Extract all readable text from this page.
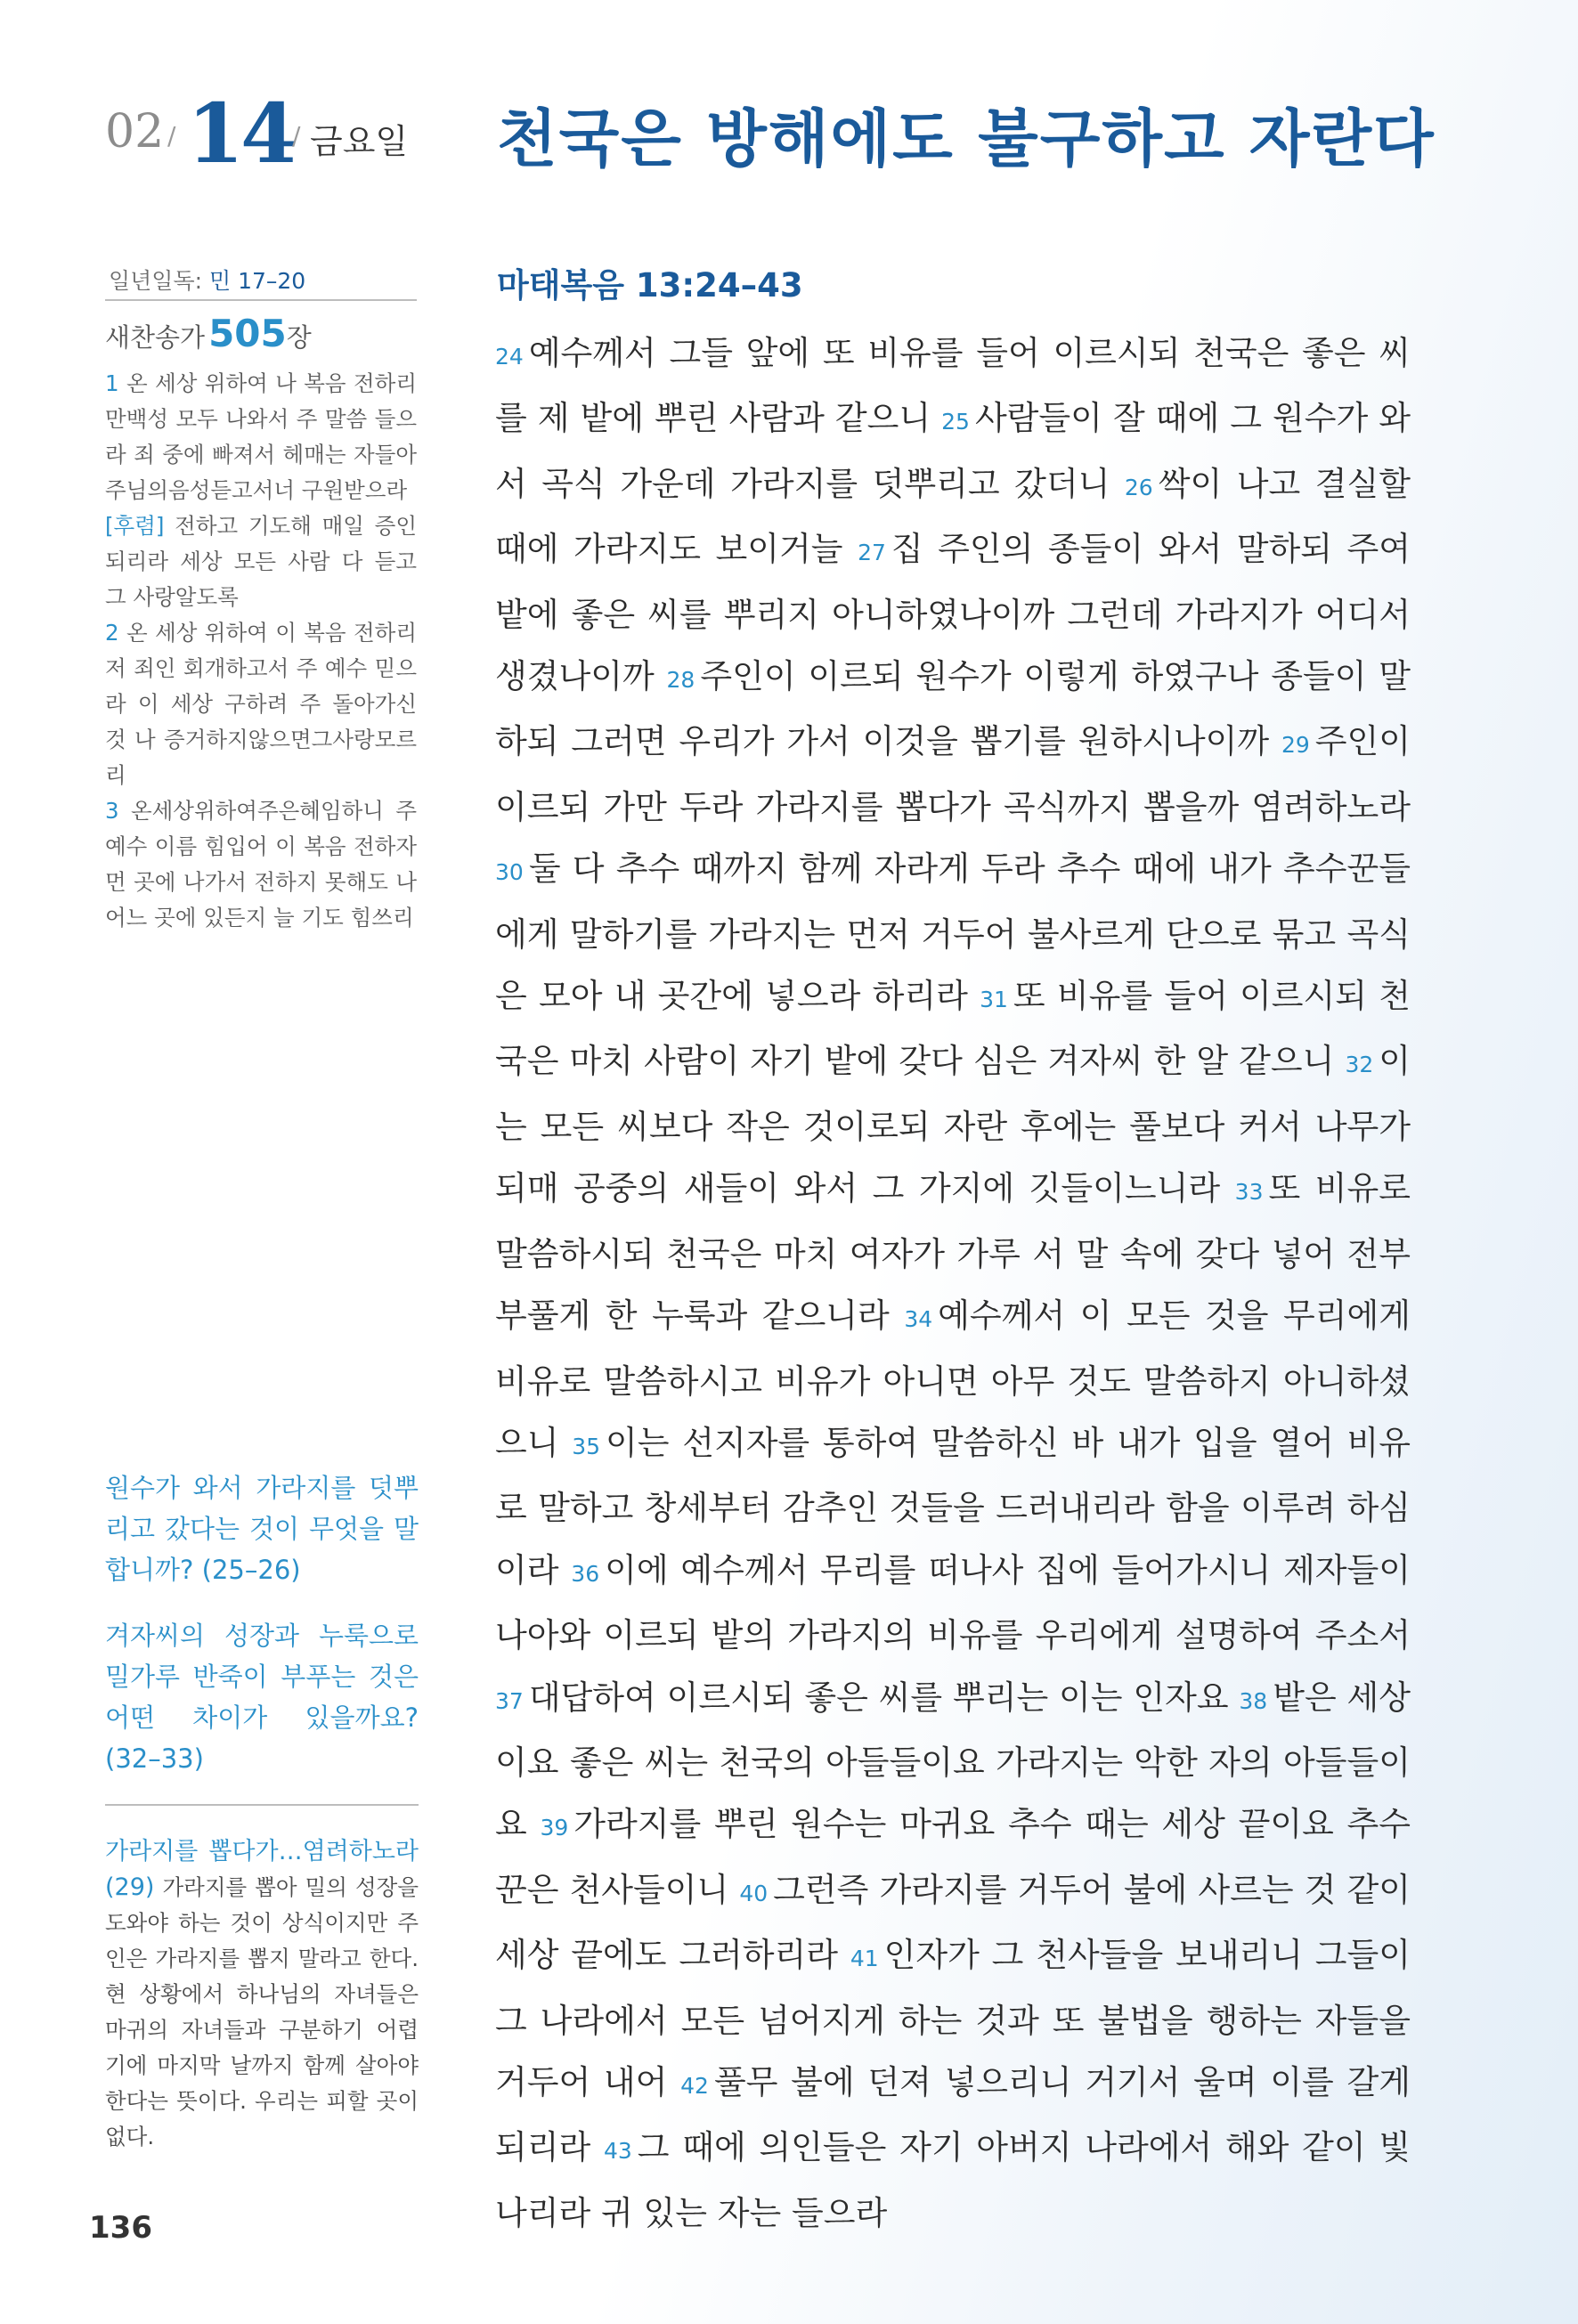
02 / 14
/ 금요일 천국은 방해에도 불구하고 자란다
일년일독: 민 17–20
새찬송가505장

1 온 세상 위하여 나 복음 전하리 만백성 모두 나와서 주 말씀 들으라 죄 중에 빠져서 헤매는 자들아 주님의음성듣고서너 구원받으라

[후렴] 전하고 기도해 매일 증인 되리라 세상 모든 사람 다 듣고 그 사랑알도록

2 온 세상 위하여 이 복음 전하리 저 죄인 회개하고서 주 예수 믿으라 이 세상 구하려 주 돌아가신 것 나 증거하지않으면그사랑모르리

3 온세상위하여주은혜임하니 주 예수 이름 힘입어 이 복음 전하자 먼 곳에 나가서 전하지 못해도 나 어느 곳에 있든지 늘 기도 힘쓰리

원수가 와서 가라지를 덧뿌리고 갔다는 것이 무엇을 말합니까? (25–26)

겨자씨의 성장과 누룩으로 밀가루 반죽이 부푸는 것은 어떤 차이가 있을까요? (32–33)

가라지를 뽑다가…염려하노라(29) 가라지를 뽑아 밀의 성장을 도와야 하는 것이 상식이지만 주인은 가라지를 뽑지 말라고 한다. 현 상황에서 하나님의 자녀들은 마귀의 자녀들과 구분하기 어렵기에 마지막 날까지 함께 살아야 한다는 뜻이다. 우리는 피할 곳이 없다.

136
마태복음 13:24–43
24 예수께서 그들 앞에 또 비유를 들어 이르시되 천국은 좋은 씨를 제 밭에 뿌린 사람과 같으니 25 사람들이 잘 때에 그 원수가 와서 곡식 가운데 가라지를 덧뿌리고 갔더니 26 싹이 나고 결실할 때에 가라지도 보이거늘 27 집 주인의 종들이 와서 말하되 주여 밭에 좋은 씨를 뿌리지 아니하였나이까 그런데 가라지가 어디서 생겼나이까 28 주인이 이르되 원수가 이렇게 하였구나 종들이 말하되 그러면 우리가 가서 이것을 뽑기를 원하시나이까 29 주인이 이르되 가만 두라 가라지를 뽑다가 곡식까지 뽑을까 염려하노라 30 둘 다 추수 때까지 함께 자라게 두라 추수 때에 내가 추수꾼들에게 말하기를 가라지는 먼저 거두어 불사르게 단으로 묶고 곡식은 모아 내 곳간에 넣으라 하리라 31 또 비유를 들어 이르시되 천국은 마치 사람이 자기 밭에 갖다 심은 겨자씨 한 알 같으니 32 이는 모든 씨보다 작은 것이로되 자란 후에는 풀보다 커서 나무가 되매 공중의 새들이 와서 그 가지에 깃들이느니라 33 또 비유로 말씀하시되 천국은 마치 여자가 가루 서 말 속에 갖다 넣어 전부 부풀게 한 누룩과 같으니라 34 예수께서 이 모든 것을 무리에게 비유로 말씀하시고 비유가 아니면 아무 것도 말씀하지 아니하셨으니 35 이는 선지자를 통하여 말씀하신 바 내가 입을 열어 비유로 말하고 창세부터 감추인 것들을 드러내리라 함을 이루려 하심이라 36 이에 예수께서 무리를 떠나사 집에 들어가시니 제자들이 나아와 이르되 밭의 가라지의 비유를 우리에게 설명하여 주소서 37 대답하여 이르시되 좋은 씨를 뿌리는 이는 인자요 38 밭은 세상이요 좋은 씨는 천국의 아들들이요 가라지는 악한 자의 아들들이요 39 가라지를 뿌린 원수는 마귀요 추수 때는 세상 끝이요 추수꾼은 천사들이니 40 그런즉 가라지를 거두어 불에 사르는 것 같이 세상 끝에도 그러하리라 41 인자가 그 천사들을 보내리니 그들이 그 나라에서 모든 넘어지게 하는 것과 또 불법을 행하는 자들을 거두어 내어 42 풀무 불에 던져 넣으리니 거기서 울며 이를 갈게 되리라 43 그 때에 의인들은 자기 아버지 나라에서 해와 같이 빛나리라 귀 있는 자는 들으라
